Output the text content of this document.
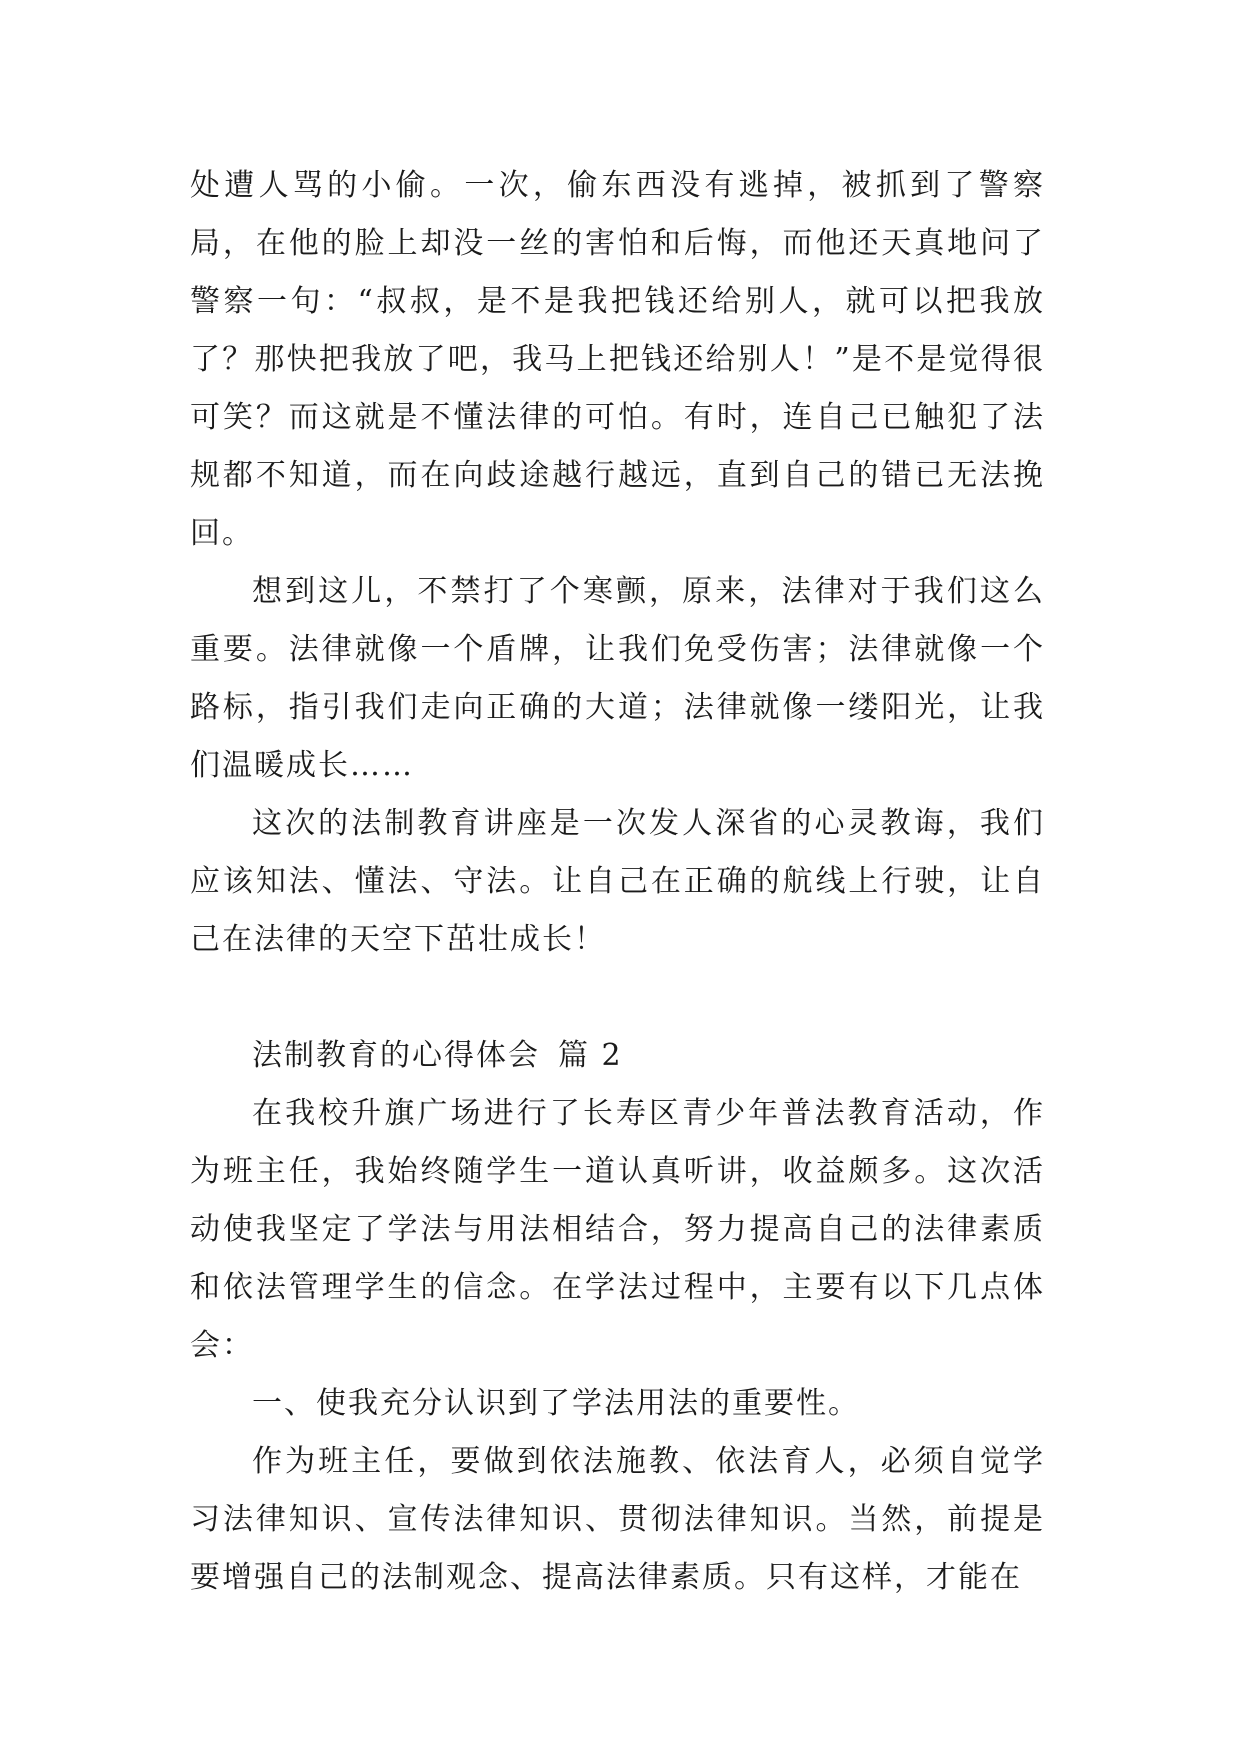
处遭人骂的小偷。一次，偷东西没有逃掉，被抓到了警察局，在他的脸上却没一丝的害怕和后悔，而他还天真地问了警察一句：“叔叔，是不是我把钱还给别人，就可以把我放了？那快把我放了吧，我马上把钱还给别人！”是不是觉得很可笑？而这就是不懂法律的可怕。有时，连自己已触犯了法规都不知道，而在向歧途越行越远，直到自己的错已无法挽回。

想到这儿，不禁打了个寒颤，原来，法律对于我们这么重要。法律就像一个盾牌，让我们免受伤害；法律就像一个路标，指引我们走向正确的大道；法律就像一缕阳光，让我们温暖成长……

这次的法制教育讲座是一次发人深省的心灵教诲，我们应该知法、懂法、守法。让自己在正确的航线上行驶，让自己在法律的天空下茁壮成长！

法制教育的心得体会 篇 2

在我校升旗广场进行了长寿区青少年普法教育活动，作为班主任，我始终随学生一道认真听讲，收益颇多。这次活动使我坚定了学法与用法相结合，努力提高自己的法律素质和依法管理学生的信念。在学法过程中，主要有以下几点体会：

一、使我充分认识到了学法用法的重要性。

作为班主任，要做到依法施教、依法育人，必须自觉学习法律知识、宣传法律知识、贯彻法律知识。当然，前提是要增强自己的法制观念、提高法律素质。只有这样，才能在
